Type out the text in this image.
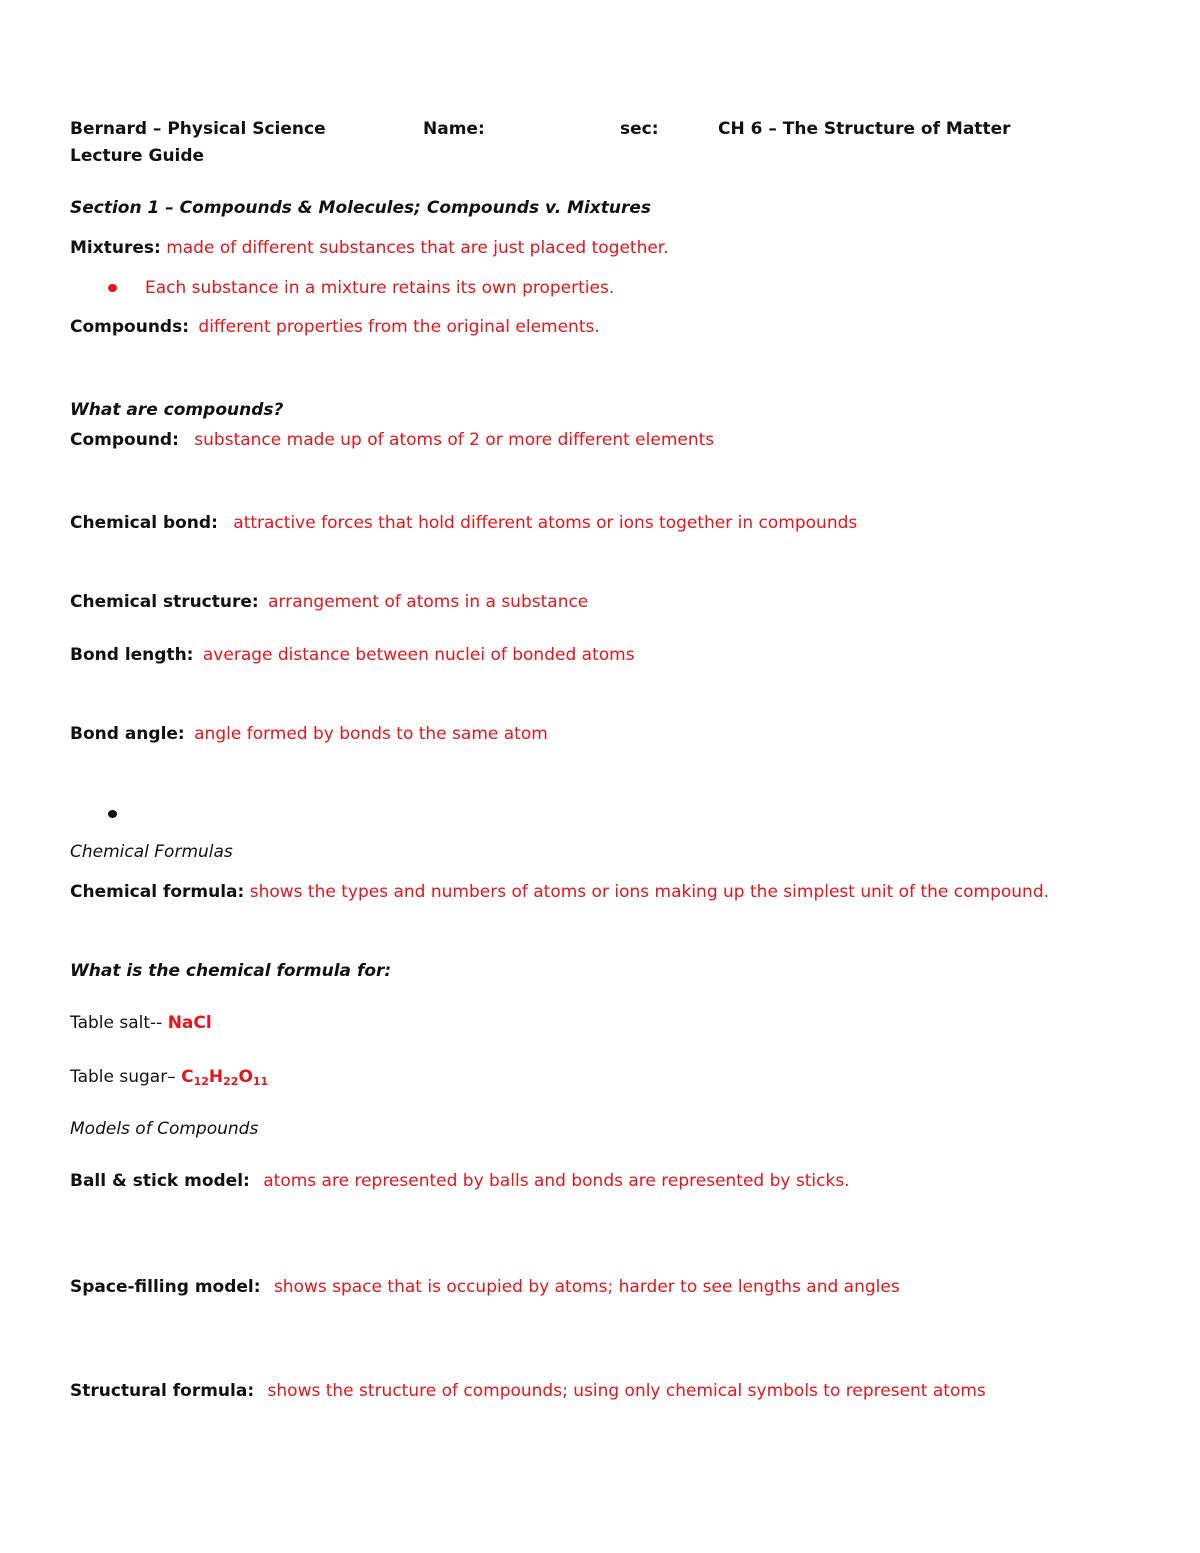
Bernard – Physical Science	Name:	sec:	CH 6 – The Structure of Matter
Lecture Guide
Section 1 – Compounds & Molecules; Compounds v. Mixtures
Mixtures: made of different substances that are just placed together.
Each substance in a mixture retains its own properties.
Compounds: different properties from the original elements.
What are compounds?
Compound: substance made up of atoms of 2 or more different elements
Chemical bond: attractive forces that hold different atoms or ions together in compounds
Chemical structure: arrangement of atoms in a substance
Bond length: average distance between nuclei of bonded atoms
Bond angle: angle formed by bonds to the same atom
Chemical Formulas
Chemical formula: shows the types and numbers of atoms or ions making up the simplest unit of the compound.
What is the chemical formula for:
Table salt-- NaCl
Table sugar– $C_{12}H_{22}O_{11}$
Models of Compounds
Ball & stick model: atoms are represented by balls and bonds are represented by sticks.
Space-filling model: shows space that is occupied by atoms; harder to see lengths and angles
Structural formula: shows the structure of compounds; using only chemical symbols to represent atoms
